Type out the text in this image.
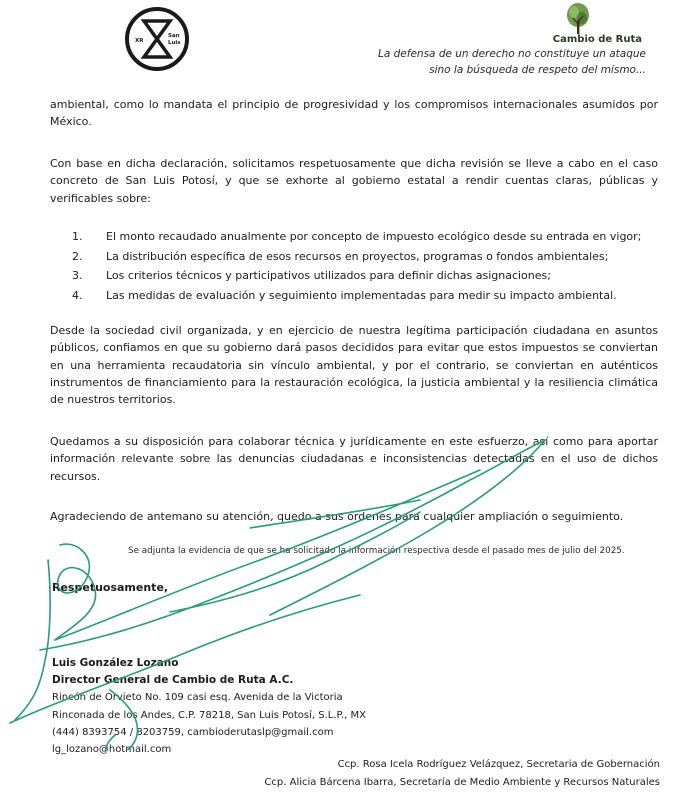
XR
San
Luis	Cambio de Ruta
La defensa de un derecho no constituye un ataque
sino la búsqueda de respeto del mismo...
ambiental, como lo mandata el principio de progresividad y los compromisos internacionales asumidos por México.
Con base en dicha declaración, solicitamos respetuosamente que dicha revisión se lleve a cabo en el caso concreto de San Luis Potosí, y que se exhorte al gobierno estatal a rendir cuentas claras, públicas y verificables sobre:
1.	El monto recaudado anualmente por concepto de impuesto ecológico desde su entrada en vigor;
2.	La distribución específica de esos recursos en proyectos, programas o fondos ambientales;
3.	Los criterios técnicos y participativos utilizados para definir dichas asignaciones;
4.	Las medidas de evaluación y seguimiento implementadas para medir su impacto ambiental.
Desde la sociedad civil organizada, y en ejercicio de nuestra legítima participación ciudadana en asuntos públicos, confiamos en que su gobierno dará pasos decididos para evitar que estos impuestos se conviertan en una herramienta recaudatoria sin vínculo ambiental, y por el contrario, se conviertan en auténticos instrumentos de financiamiento para la restauración ecológica, la justicia ambiental y la resiliencia climática de nuestros territorios.
Quedamos a su disposición para colaborar técnica y jurídicamente en este esfuerzo, así como para aportar información relevante sobre las denuncias ciudadanas e inconsistencias detectadas en el uso de dichos recursos.
Agradeciendo de antemano su atención, quedo a sus órdenes para cualquier ampliación o seguimiento.
Se adjunta la evidencia de que se ha solicitado la información respectiva desde el pasado mes de julio del 2025.
Respetuosamente,
Luis González Lozano
Director General de Cambio de Ruta A.C.
Rincón de Orvieto No. 109 casi esq. Avenida de la Victoria
Rinconada de los Andes, C.P. 78218, San Luis Potosí, S.L.P., MX
(444) 8393754 / 8203759, cambioderutaslp@gmail.com
lg_lozano@hotmail.com
Ccp. Rosa Icela Rodríguez Velázquez, Secretaria de Gobernación
Ccp. Alicia Bárcena Ibarra, Secretaría de Medio Ambiente y Recursos Naturales
